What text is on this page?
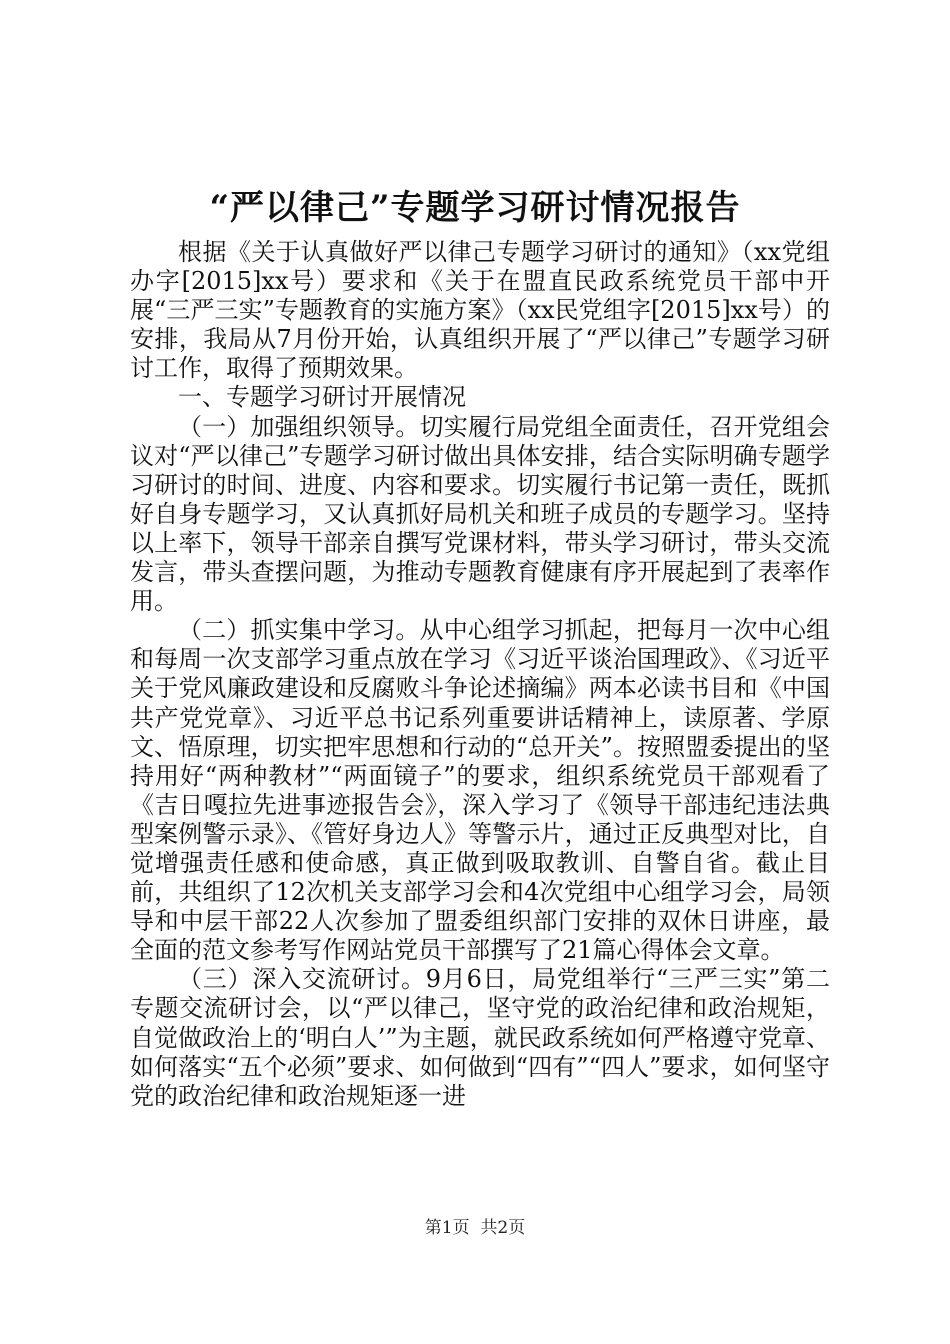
“严以律己”专题学习研讨情况报告

根据《关于认真做好严以律己专题学习研讨的通知》（xx党组办字[2015]xx号）要求和《关于在盟直民政系统党员干部中开展“三严三实”专题教育的实施方案》（xx民党组字[2015]xx号）的安排，我局从7月份开始，认真组织开展了“严以律己”专题学习研讨工作，取得了预期效果。

一、专题学习研讨开展情况

（一）加强组织领导。切实履行局党组全面责任，召开党组会议对“严以律己”专题学习研讨做出具体安排，结合实际明确专题学习研讨的时间、进度、内容和要求。切实履行书记第一责任，既抓好自身专题学习，又认真抓好局机关和班子成员的专题学习。坚持以上率下，领导干部亲自撰写党课材料，带头学习研讨，带头交流发言，带头查摆问题，为推动专题教育健康有序开展起到了表率作用。

（二）抓实集中学习。从中心组学习抓起，把每月一次中心组和每周一次支部学习重点放在学习《习近平谈治国理政》、《习近平关于党风廉政建设和反腐败斗争论述摘编》两本必读书目和《中国共产党党章》、习近平总书记系列重要讲话精神上，读原著、学原文、悟原理，切实把牢思想和行动的“总开关”。按照盟委提出的坚持用好“两种教材”“两面镜子”的要求，组织系统党员干部观看了《吉日嘎拉先进事迹报告会》，深入学习了《领导干部违纪违法典型案例警示录》、《管好身边人》等警示片，通过正反典型对比，自觉增强责任感和使命感，真正做到吸取教训、自警自省。截止目前，共组织了12次机关支部学习会和4次党组中心组学习会，局领导和中层干部22人次参加了盟委组织部门安排的双休日讲座，最全面的范文参考写作网站党员干部撰写了21篇心得体会文章。

（三）深入交流研讨。9月6日，局党组举行“三严三实”第二专题交流研讨会，以“严以律己，坚守党的政治纪律和政治规矩，自觉做政治上的‘明白人’”为主题，就民政系统如何严格遵守党章、如何落实“五个必须”要求、如何做到“四有”“四人”要求，如何坚守党的政治纪律和政治规矩逐一进

第1页 共2页
